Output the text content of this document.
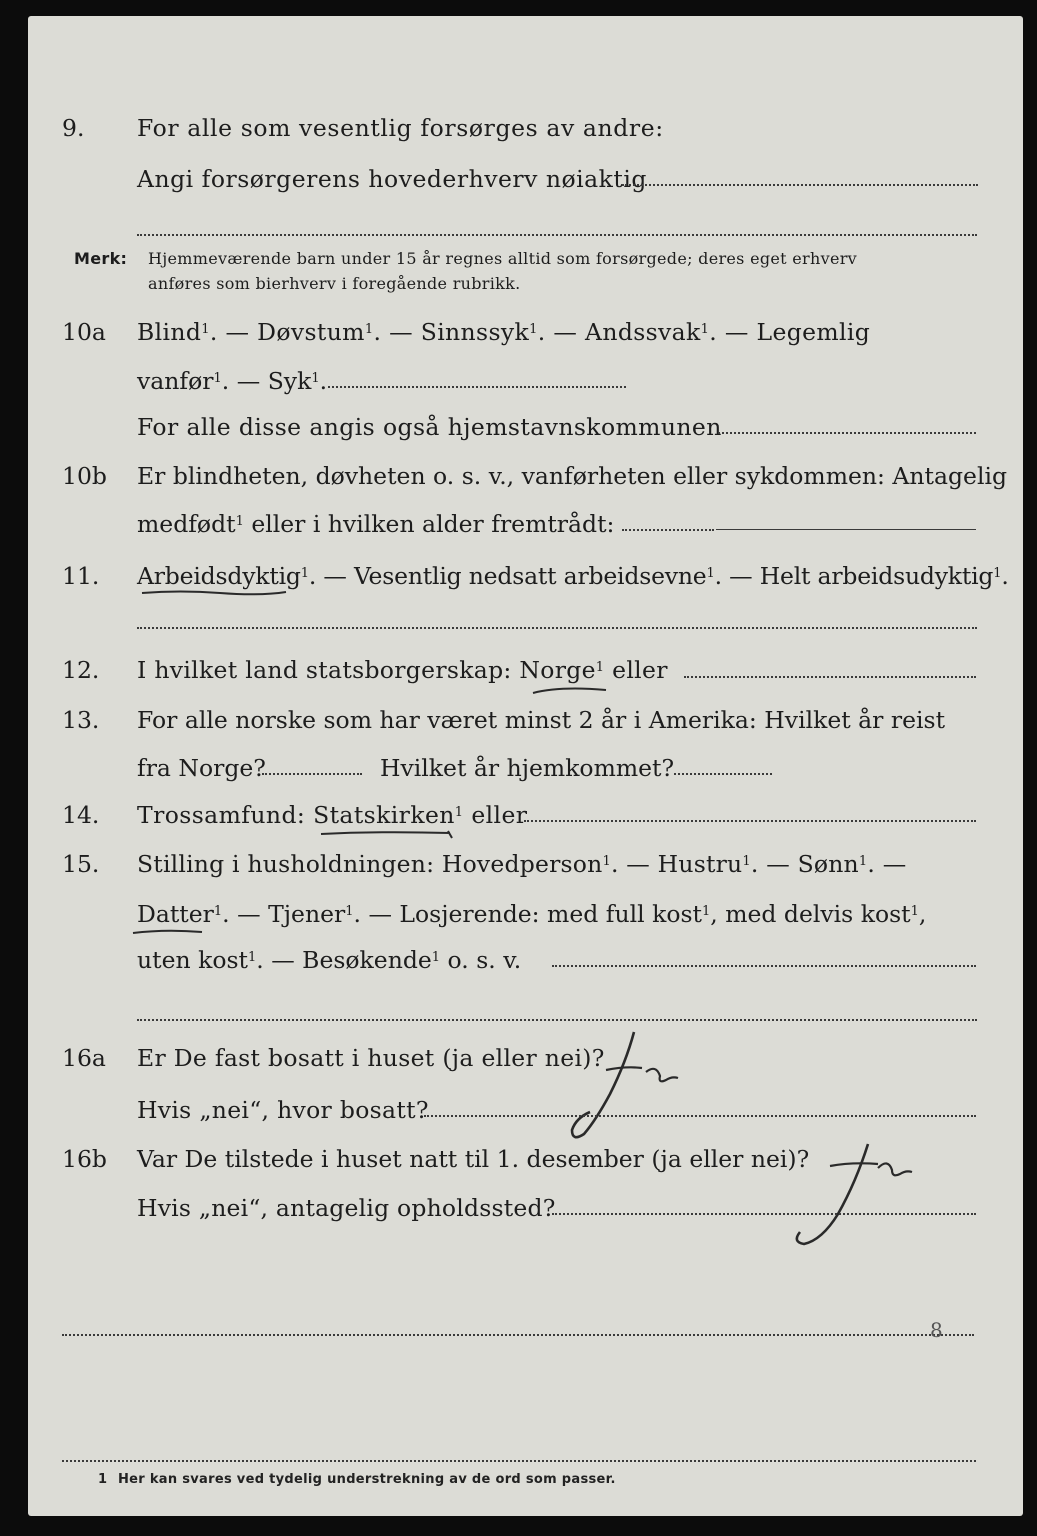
9. For alle som vesentlig forsørges av andre:
Angi forsørgerens hovederhverv nøiaktig
Merk: Hjemmeværende barn under 15 år regnes alltid som forsørgede; deres eget erhverv
anføres som bierhverv i foregående rubrikk.
10a Blind$^1$. — Døvstum$^1$. — Sinnssyk$^1$. — Andssvak$^1$. — Legemlig
vanfør$^1$. — Syk$^1$.
For alle disse angis også hjemstavnskommunen
10b Er blindheten, døvheten o. s. v., vanførheten eller sykdommen: Antagelig
medfødt$^1$ eller i hvilken alder fremtrådt:
11. Arbeidsdyktig$^1$. — Vesentlig nedsatt arbeidsevne$^1$. — Helt arbeidsudyktig$^1$.
12. I hvilket land statsborgerskap: Norge$^1$ eller
13. For alle norske som har været minst 2 år i Amerika: Hvilket år reist
fra Norge?	Hvilket år hjemkommet?
14. Trossamfund: Statskirken$^1$ eller
15. Stilling i husholdningen: Hovedperson$^1$. — Hustru$^1$. — Sønn$^1$. —
Datter$^1$. — Tjener$^1$. — Losjerende: med full kost$^1$, med delvis kost$^1$,
uten kost$^1$. — Besøkende$^1$ o. s. v.
16a Er De fast bosatt i huset (ja eller nei)?
Hvis „nei“, hvor bosatt?
16b Var De tilstede i huset natt til 1. desember (ja eller nei)?
Hvis „nei“, antagelig opholdssted?
8
1 Her kan svares ved tydelig understrekning av de ord som passer.
